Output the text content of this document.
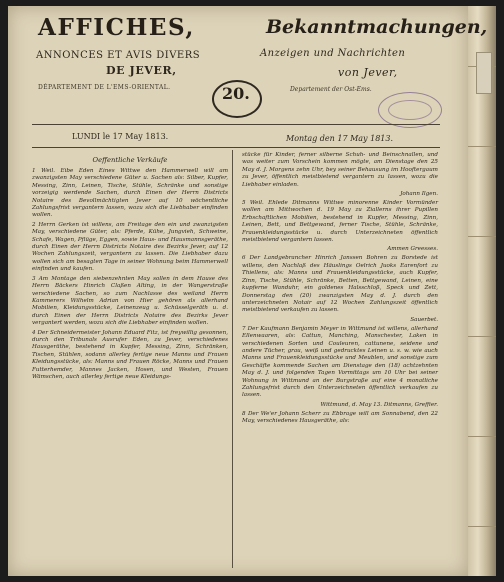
AFFICHES,
ANNONCES ET AVIS DIVERS
DE JEVER,
DÉPARTEMENT DE L'EMS-ORIENTAL.
Bekanntmachungen,
Anzeigen und Nachrichten
von Jever,
Departement der Ost-Ems.
20.
LUNDI le 17 May 1813.	Montag den 17 May 1813.
Oeffentliche Verkäufe

1 Weil. Eibe Eden Eines Wittwe den Hammerwell will am zwanzigsten May verschiedene Güter u. Sachen als: Silber, Kupfer, Messing, Zinn, Leinen, Tische, Stühle, Schränke und sonstige vorzeigig werdende Sachen, durch Einen der Herrn Districts Notaire des Bevollmächtigten Jever auf 10 wöchentliche Zahlungsfrist vergantern lassen, wozu sich die Liebhaber einfinden wollen.

2 Herrn Gerken ist willens, am Freitage den ein und zwanzigsten May, verschiedene Güter, als: Pferde, Kühe, Jungvieh, Schweine, Schafe, Wagen, Pflüge, Eggen, sowie Haus- und Hausmannsgeräthe, durch Einen der Herrn Districts Notaire des Bezirks Jever, auf 12 Wochen Zahlungszeit, vergantern zu lassen. Die Liebhaber dazu wollen sich am besagten Tage in seiner Wohnung beim Hammerwell einfinden und kaufen.

3 Am Montage den siebenzehnten May sollen in dem Hause des Herrn Bäckers Hinrich Claßen Alting, in der Wangerstraße verschiedene Sachen, so zum Nachlasse des weiland Herrn Kammerers Wilhelm Adrian von Hier gehören als allerhand Mobilien, Kleidungsstücke, Leinenzeug u. Schüsselgeräth u. d. durch Einen der Herrn Districts Notaire des Bezirks Jever vergantert werden, wozu sich die Liebhaber einfinden wollen.

4 Der Schneidermeister Johann Eduard Fitz, ist freywillig gesonnen, durch den Tribunals Ausrufer Eden, zu Jever, verschiedenes Hausgeräthe, bestehend in Kupfer, Messing, Zinn, Schränken, Tischen, Stühlen, sodann allerley fertige neue Manns und Frauen Kleidungsstücke, als: Manns und Frauen Röcke, Manns und Frauen Futterhemder, Mannes Jacken, Hosen, und Westen, Frauen Wämschen, auch allerley fertige neue Kleidungs-

stücke für Kinder, ferner silberne Schuh- und Beinschnallen, und was weiter zum Vorschein kommen mögte, am Dienstage den 25 May d. J. Morgens zehn Uhr, bey seiner Behausung im Hooftergaum zu Jever, öffentlich meistbietend vergantern zu lassen, wozu die Liebhaber einladen.

Johann Ilgen.

5 Weil. Ehlede Ditmanns Wittwe minorenne Kinder Vormünder wollen am Mittwochen d. 19 May zu Ziallerns ihrer Pupillen Erbschaftlichen Mobilien, bestehend in Kupfer, Messing, Zinn, Leinen, Bett, und Bettgewand, ferner Tische, Stühle, Schränke, Frauenkleidungsstücke u. durch Unterzeichneten öffentlich meistbietend vergantern lassen.

Ammen Greesses.

6 Der Landgebrancher Hinrich Janssen Bohren zu Borstede ist willens, den Nachlaß des Häuslings Oelrich Juoks Earenfort zu Thiellens, als: Manns und Frauenkleidungsstücke, auch Kupfer, Zinn, Tische, Stühle, Schränke, Betten, Bettgewand, Leinen, eine kupferne Wanduhr, ein goldenes Halsschloß, Speck und Zett, Donnerstag den (20) zwanzigsten May d. J. durch den unterzeichneten Notair auf 12 Wochen Zahlungszeit öffentlich meistbietend verkaufen zu lassen.

Sauerbet.

7 Der Kaufmann Benjamin Meyer in Wittmund ist willens, allerhand Ellenwaaren, als: Cattun, Manching, Manschester, Laken in verschiedenen Sorten und Couleuren, cattunene, seidene und andere Tücher, grau, weiß und gedrucktes Leinen u. s. w. wie auch Manns und Frauenkleidungsstücke und Meublen, und sonstige zum Geschäfte kommende Sachen am Dienstage den (18) achtzehnten May d. J. und folgenden Tagen Vormittags um 10 Uhr bei seiner Wohnung in Wittmund an der Burgstraße auf eine 4 monatliche Zahlungsfrist durch den Unterzeichneten öffentlich verkaufen zu lassen.

Wittmund, d. May 13. Ditmanns, Greffier.

8 Der We'er Johann Scherr zu Ebbrage will am Sonnabend, den 22 May, verschiedenes Hausgeräthe, als:
